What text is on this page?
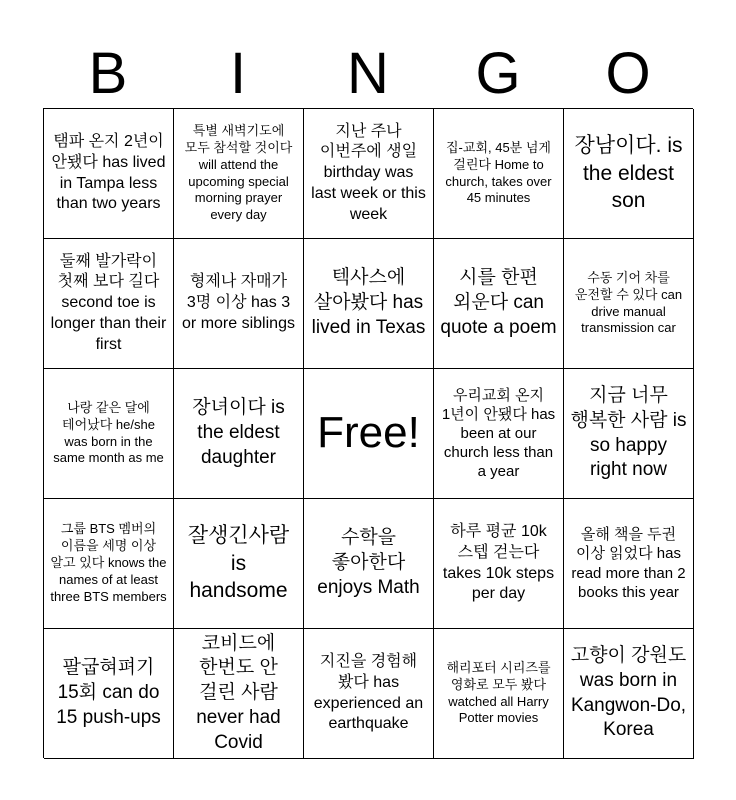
B	I	N	G	O
탬파 온지 2년이 안됐다 has lived in Tampa less than two years
특별 새벽기도에 모두 참석할 것이다 will attend the upcoming special morning prayer every day
지난 주나 이번주에 생일 birthday was last week or this week
집-교회, 45분 넘게 걸린다 Home to church, takes over 45 minutes
장남이다. is the eldest son
둘째 발가락이 첫째 보다 길다 second toe is longer than their first
형제나 자매가 3명 이상 has 3 or more siblings
텍사스에 살아봤다 has lived in Texas
시를 한편 외운다 can quote a poem
수동 기어 차를 운전할 수 있다 can drive manual transmission car
나랑 같은 달에 테어났다 he/she was born in the same month as me
장녀이다 is the eldest daughter
Free!
우리교회 온지 1년이 안됐다 has been at our church less than a year
지금 너무 행복한 사람 is so happy right now
그룹 BTS 멤버의 이름을 세명 이상 알고 있다 knows the names of at least three BTS members
잘생긴사람 is handsome
수학을 좋아한다 enjoys Math
하루 평균 10k 스텝 걷는다 takes 10k steps per day
올해 책을 두권 이상 읽었다 has read more than 2 books this year
팔굽혀펴기 15회 can do 15 push-ups
코비드에 한번도 안 걸린 사람 never had Covid
지진을 경험해 봤다 has experienced an earthquake
해리포터 시리즈를 영화로 모두 봤다 watched all Harry Potter movies
고향이 강원도 was born in Kangwon-Do, Korea
